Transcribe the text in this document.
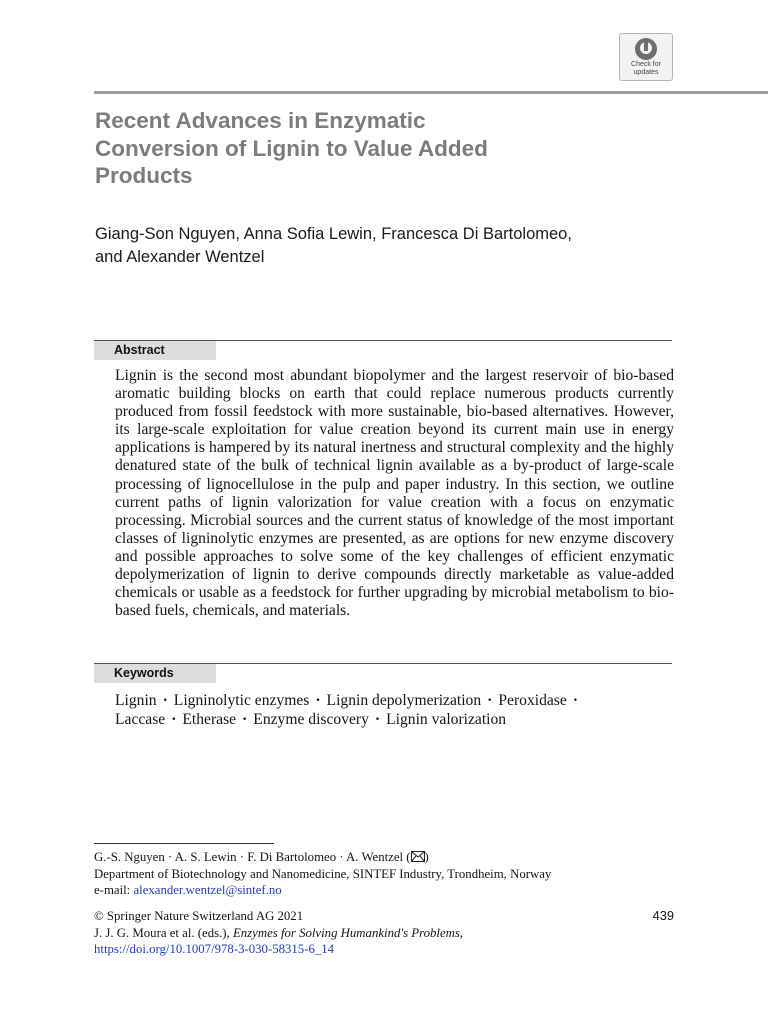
Check for
updates
Recent Advances in Enzymatic
Conversion of Lignin to Value Added
Products
Giang-Son Nguyen, Anna Sofia Lewin, Francesca Di Bartolomeo,
and Alexander Wentzel
Abstract
Lignin is the second most abundant biopolymer and the largest reservoir of bio-based aromatic building blocks on earth that could replace numerous products currently produced from fossil feedstock with more sustainable, bio-based alternatives. However, its large-scale exploitation for value creation beyond its current main use in energy applications is hampered by its natural inertness and structural complexity and the highly denatured state of the bulk of technical lignin available as a by-product of large-scale processing of lignocellulose in the pulp and paper industry. In this section, we outline current paths of lignin valorization for value creation with a focus on enzymatic processing. Microbial sources and the current status of knowledge of the most important classes of ligninolytic enzymes are presented, as are options for new enzyme discovery and possible approaches to solve some of the key challenges of efficient enzymatic depolymerization of lignin to derive compounds directly marketable as value-added chemicals or usable as a feedstock for further upgrading by microbial metabolism to bio-based fuels, chemicals, and materials.
Keywords
Lignin · Ligninolytic enzymes · Lignin depolymerization · Peroxidase ·
Laccase · Etherase · Enzyme discovery · Lignin valorization
G.-S. Nguyen · A. S. Lewin · F. Di Bartolomeo · A. Wentzel ( )
Department of Biotechnology and Nanomedicine, SINTEF Industry, Trondheim, Norway
e-mail: alexander.wentzel@sintef.no
© Springer Nature Switzerland AG 2021	439
J. J. G. Moura et al. (eds.), Enzymes for Solving Humankind's Problems,
https://doi.org/10.1007/978-3-030-58315-6_14
